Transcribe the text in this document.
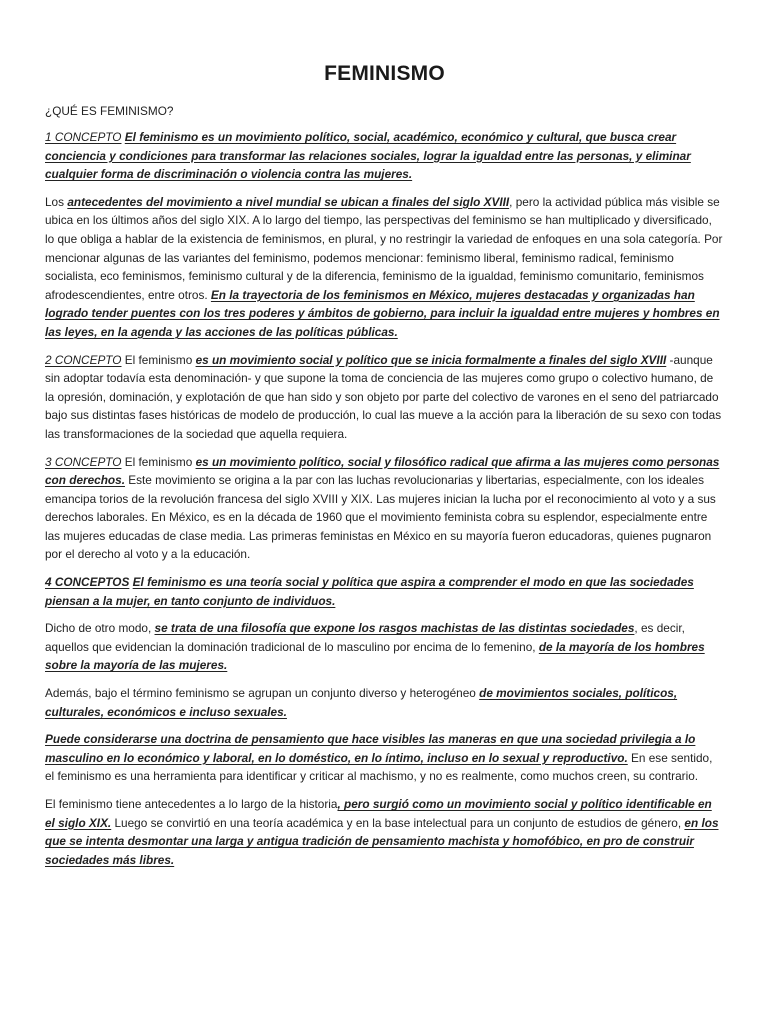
FEMINISMO
¿QUÉ ES FEMINISMO?

1 CONCEPTO El feminismo es un movimiento político, social, académico, económico y cultural, que busca crear conciencia y condiciones para transformar las relaciones sociales, lograr la igualdad entre las personas, y eliminar cualquier forma de discriminación o violencia contra las mujeres.

Los antecedentes del movimiento a nivel mundial se ubican a finales del siglo XVIII, pero la actividad pública más visible se ubica en los últimos años del siglo XIX. A lo largo del tiempo, las perspectivas del feminismo se han multiplicado y diversificado, lo que obliga a hablar de la existencia de feminismos, en plural, y no restringir la variedad de enfoques en una sola categoría. Por mencionar algunas de las variantes del feminismo, podemos mencionar: feminismo liberal, feminismo radical, feminismo socialista, eco feminismos, feminismo cultural y de la diferencia, feminismo de la igualdad, feminismo comunitario, feminismos afrodescendientes, entre otros. En la trayectoria de los feminismos en México, mujeres destacadas y organizadas han logrado tender puentes con los tres poderes y ámbitos de gobierno, para incluir la igualdad entre mujeres y hombres en las leyes, en la agenda y las acciones de las políticas públicas.

2 CONCEPTO El feminismo es un movimiento social y político que se inicia formalmente a finales del siglo XVIII -aunque sin adoptar todavía esta denominación- y que supone la toma de conciencia de las mujeres como grupo o colectivo humano, de la opresión, dominación, y explotación de que han sido y son objeto por parte del colectivo de varones en el seno del patriarcado bajo sus distintas fases históricas de modelo de producción, lo cual las mueve a la acción para la liberación de su sexo con todas las transformaciones de la sociedad que aquella requiera.

3 CONCEPTO El feminismo es un movimiento político, social y filosófico radical que afirma a las mujeres como personas con derechos. Este movimiento se origina a la par con las luchas revolucionarias y libertarias, especialmente, con los ideales emancipa torios de la revolución francesa del siglo XVIII y XIX. Las mujeres inician la lucha por el reconocimiento al voto y a sus derechos laborales. En México, es en la década de 1960 que el movimiento feminista cobra su esplendor, especialmente entre las mujeres educadas de clase media. Las primeras feministas en México en su mayoría fueron educadoras, quienes pugnaron por el derecho al voto y a la educación.

4 CONCEPTOS El feminismo es una teoría social y política que aspira a comprender el modo en que las sociedades piensan a la mujer, en tanto conjunto de individuos.

Dicho de otro modo, se trata de una filosofía que expone los rasgos machistas de las distintas sociedades, es decir, aquellos que evidencian la dominación tradicional de lo masculino por encima de lo femenino, de la mayoría de los hombres sobre la mayoría de las mujeres.

Además, bajo el término feminismo se agrupan un conjunto diverso y heterogéneo de movimientos sociales, políticos, culturales, económicos e incluso sexuales.

Puede considerarse una doctrina de pensamiento que hace visibles las maneras en que una sociedad privilegia a lo masculino en lo económico y laboral, en lo doméstico, en lo íntimo, incluso en lo sexual y reproductivo. En ese sentido, el feminismo es una herramienta para identificar y criticar al machismo, y no es realmente, como muchos creen, su contrario.

El feminismo tiene antecedentes a lo largo de la historia, pero surgió como un movimiento social y político identificable en el siglo XIX. Luego se convirtió en una teoría académica y en la base intelectual para un conjunto de estudios de género, en los que se intenta desmontar una larga y antigua tradición de pensamiento machista y homofóbico, en pro de construir sociedades más libres.
